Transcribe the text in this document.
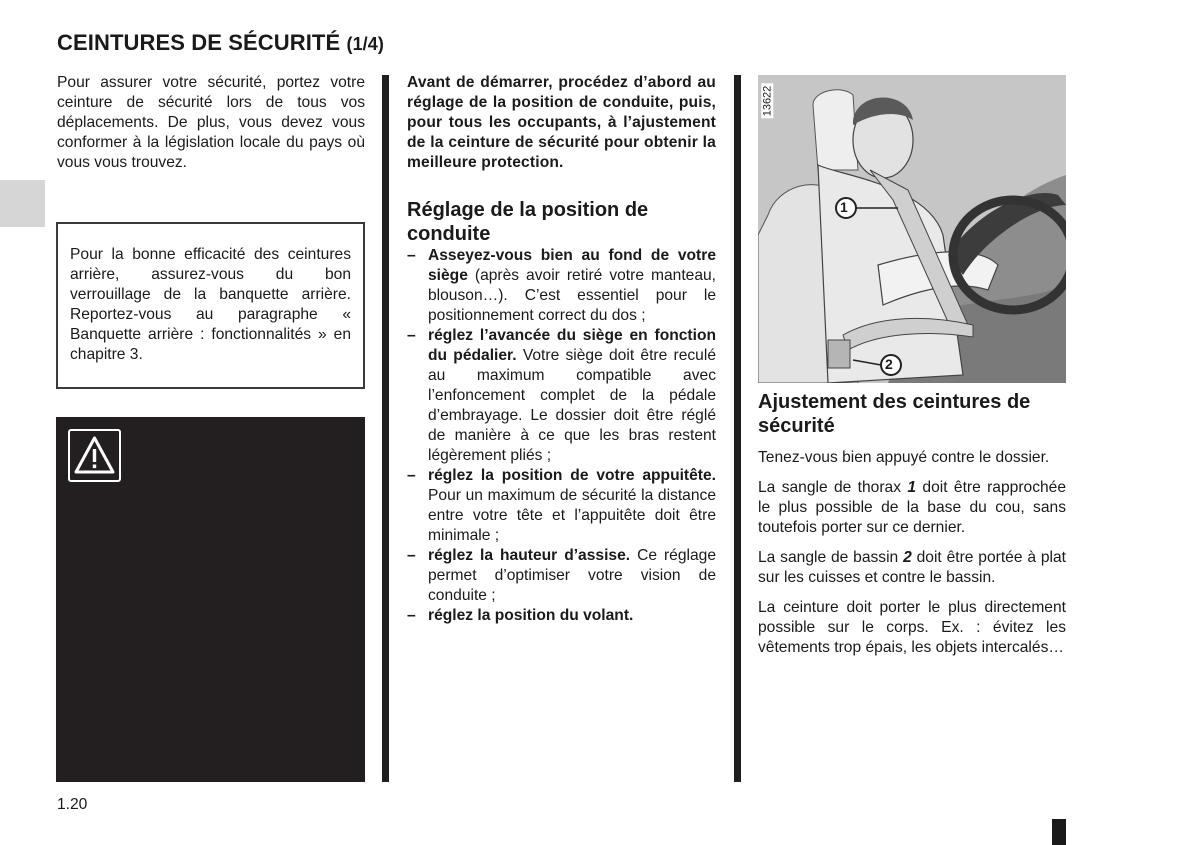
CEINTURES DE SÉCURITÉ (1/4)
Pour assurer votre sécurité, portez votre ceinture de sécurité lors de tous vos déplacements. De plus, vous devez vous conformer à la législation locale du pays où vous vous trouvez.
Pour la bonne efficacité des ceintures arrière, assurez-vous du bon verrouillage de la banquette arrière. Reportez-vous au paragraphe « Banquette arrière : fonctionnalités » en chapitre 3.
Avant de démarrer, procédez d’abord au réglage de la position de conduite, puis, pour tous les occupants, à l’ajustement de la ceinture de sécurité pour obtenir la meilleure protection.
Réglage de la position de conduite
– Asseyez-vous bien au fond de votre siège (après avoir retiré votre manteau, blouson…). C’est essentiel pour le positionnement correct du dos ;
– réglez l’avancée du siège en fonction du pédalier. Votre siège doit être reculé au maximum compatible avec l’enfoncement complet de la pédale d’embrayage. Le dossier doit être réglé de manière à ce que les bras restent légèrement pliés ;
– réglez la position de votre appuitête. Pour un maximum de sécurité la distance entre votre tête et l’appuitête doit être minimale ;
– réglez la hauteur d’assise. Ce réglage permet d’optimiser votre vision de conduite ;
– réglez la position du volant.
1
2
13622
Ajustement des ceintures de sécurité

Tenez-vous bien appuyé contre le dossier.

La sangle de thorax 1 doit être rapprochée le plus possible de la base du cou, sans toutefois porter sur ce dernier.

La sangle de bassin 2 doit être portée à plat sur les cuisses et contre le bassin.

La ceinture doit porter le plus directement possible sur le corps. Ex. : évitez les vêtements trop épais, les objets intercalés…

1.20
